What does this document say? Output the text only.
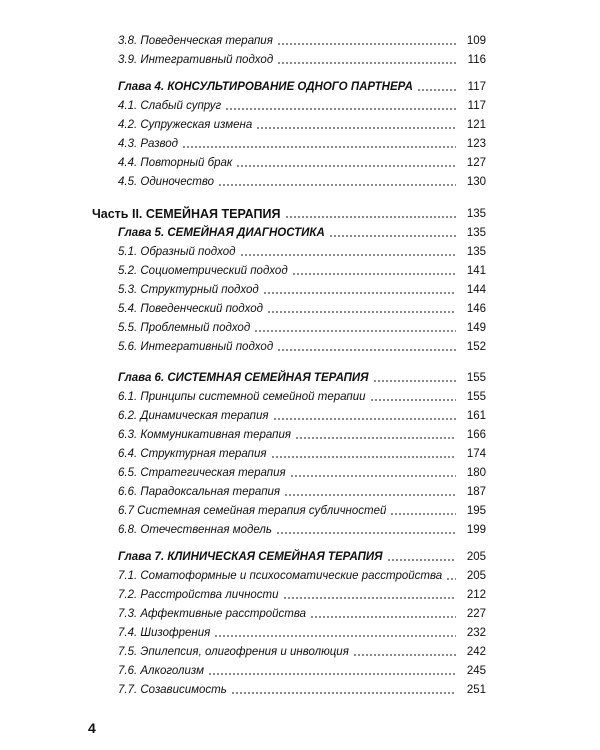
3.8. Поведенческая терапия	109
3.9. Интегративный подход	116
Глава 4. КОНСУЛЬТИРОВАНИЕ ОДНОГО ПАРТНЕРА	117
4.1. Слабый супруг	117
4.2. Супружеская измена	121
4.3. Развод	123
4.4. Повторный брак	127
4.5. Одиночество	130
Часть II. СЕМЕЙНАЯ ТЕРАПИЯ	135
Глава 5. СЕМЕЙНАЯ ДИАГНОСТИКА	135
5.1. Образный подход	135
5.2. Социометрический подход	141
5.3. Структурный подход	144
5.4. Поведенческий подход	146
5.5. Проблемный подход	149
5.6. Интегративный подход	152
Глава 6. СИСТЕМНАЯ СЕМЕЙНАЯ ТЕРАПИЯ	155
6.1. Принципы системной семейной терапии	155
6.2. Динамическая терапия	161
6.3. Коммуникативная терапия	166
6.4. Структурная терапия	174
6.5. Стратегическая терапия	180
6.6. Парадоксальная терапия	187
6.7 Системная семейная терапия субличностей	195
6.8. Отечественная модель	199
Глава 7. КЛИНИЧЕСКАЯ СЕМЕЙНАЯ ТЕРАПИЯ	205
7.1. Соматоформные и психосоматические расстройства	205
7.2. Расстройства личности	212
7.3. Аффективные расстройства	227
7.4. Шизофрения	232
7.5. Эпилепсия, олигофрения и инволюция	242
7.6. Алкоголизм	245
7.7. Созависимость	251
4
